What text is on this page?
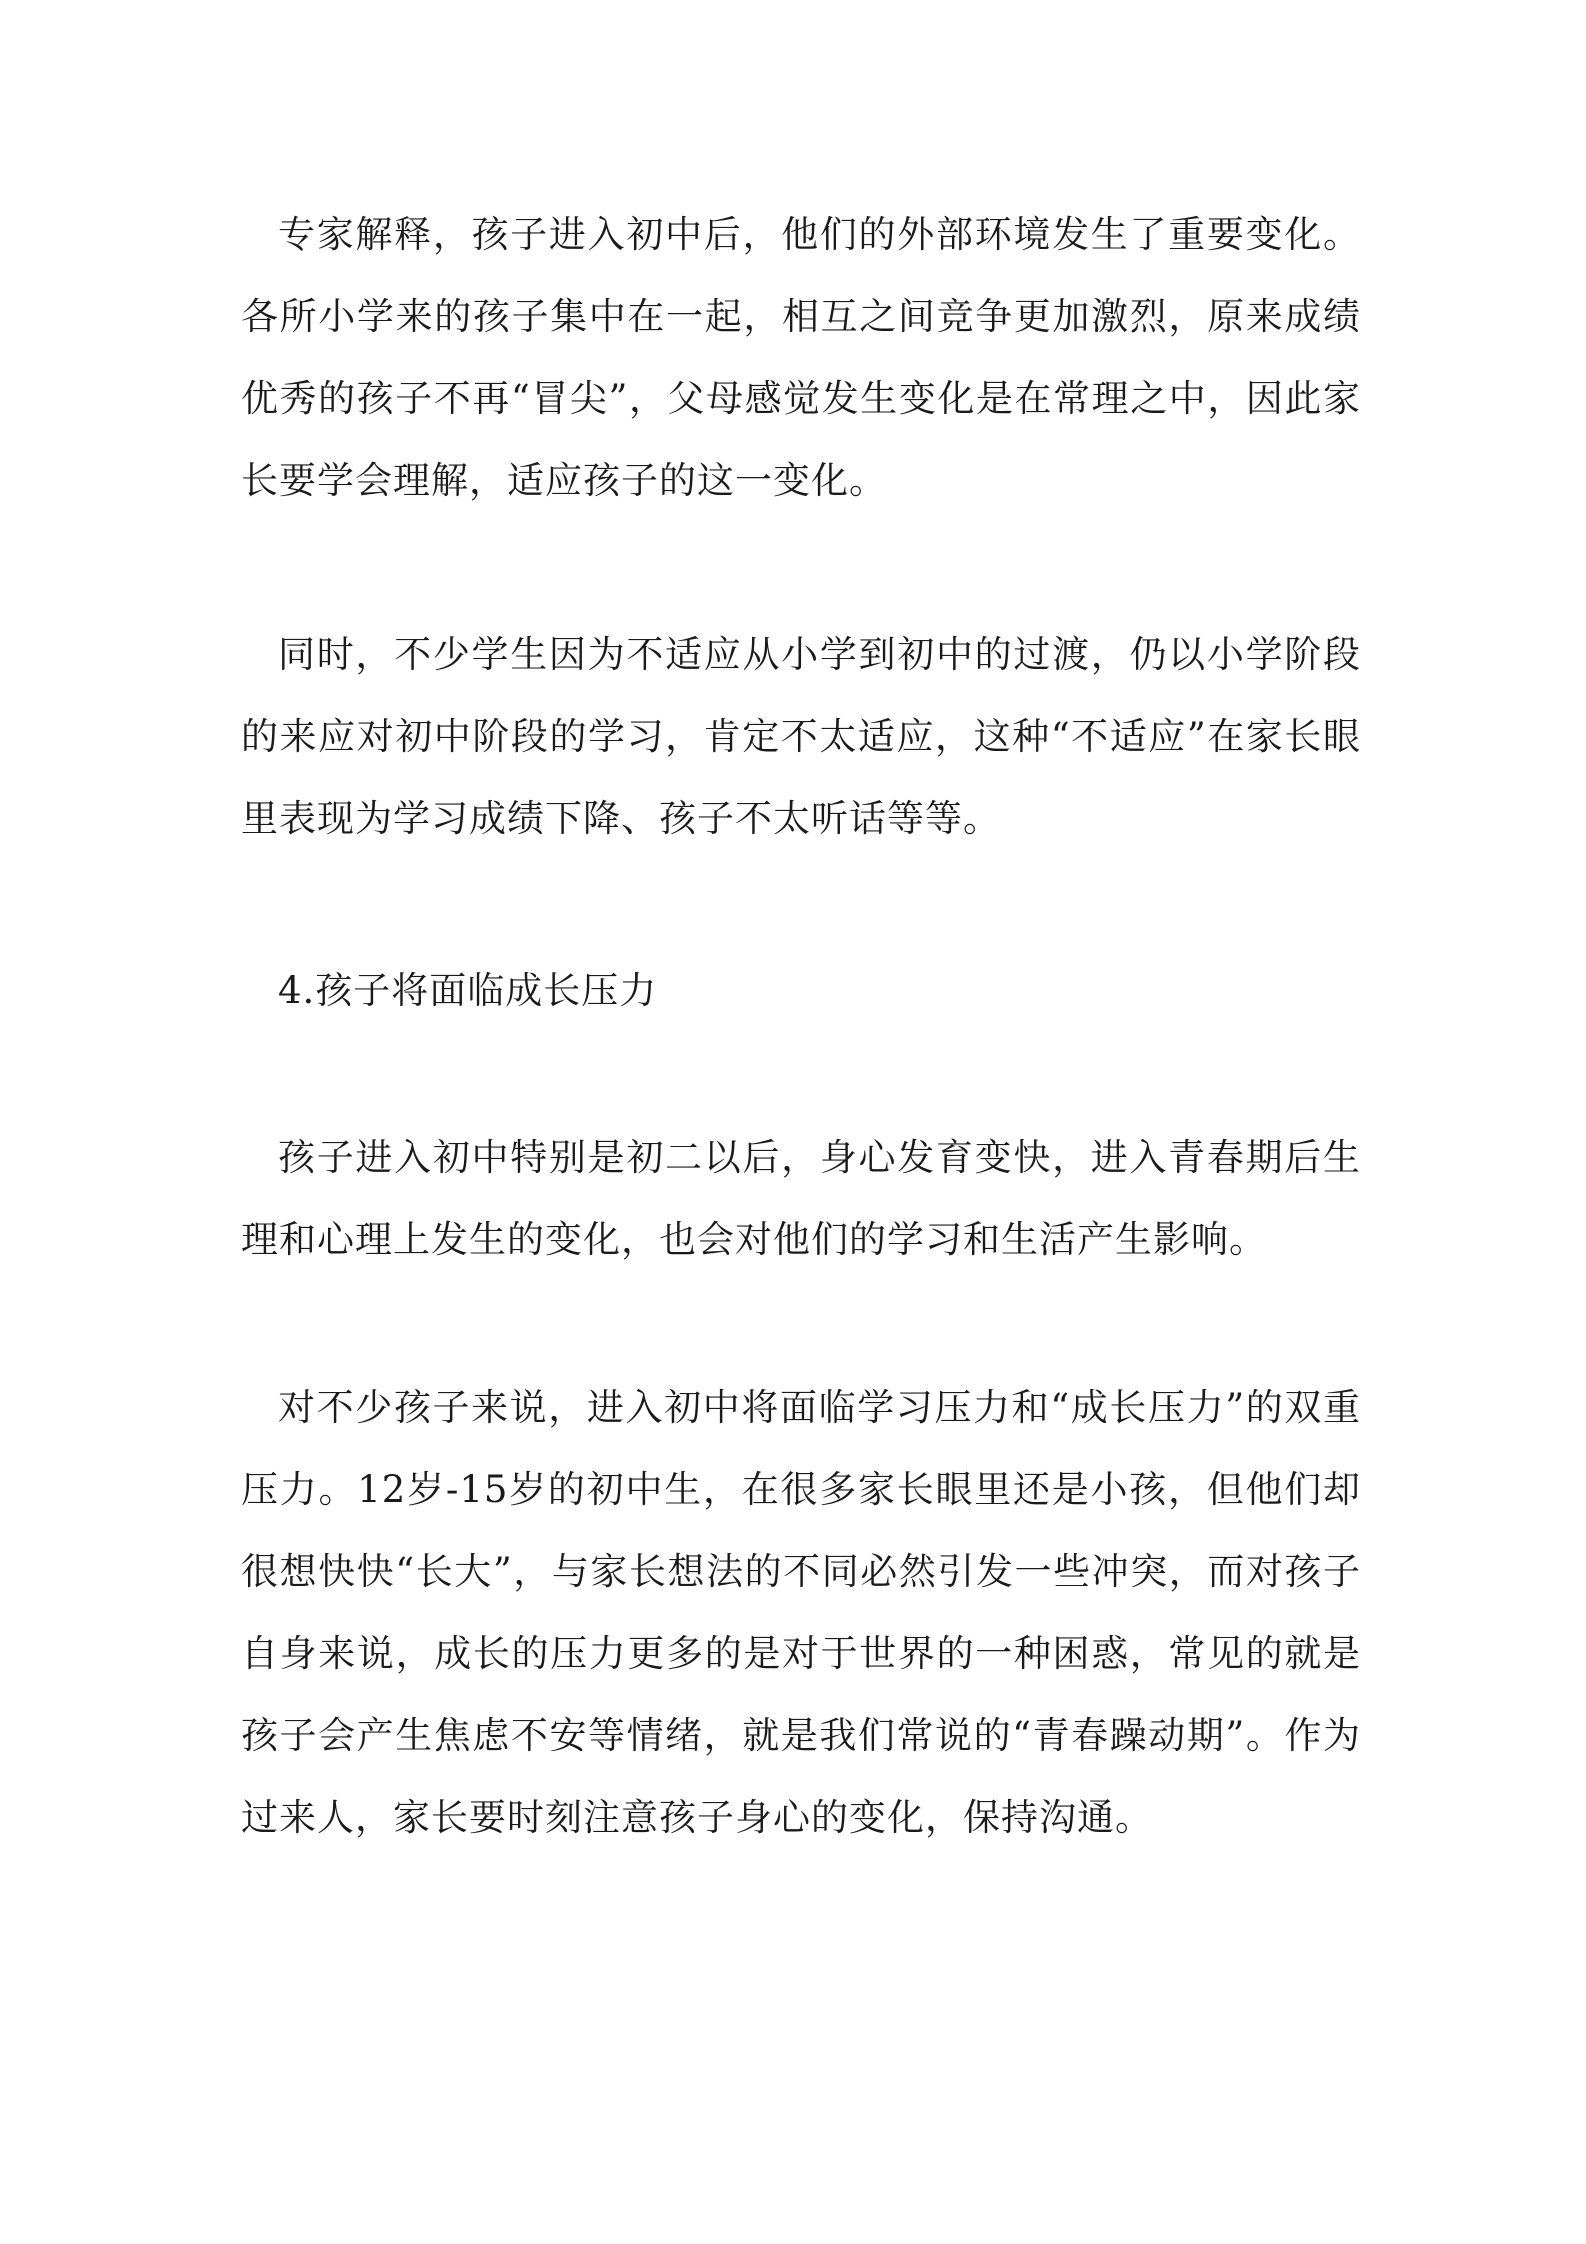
专家解释，孩子进入初中后，他们的外部环境发生了重要变化。各所小学来的孩子集中在一起，相互之间竞争更加激烈，原来成绩优秀的孩子不再“冒尖”，父母感觉发生变化是在常理之中，因此家长要学会理解，适应孩子的这一变化。

同时，不少学生因为不适应从小学到初中的过渡，仍以小学阶段的来应对初中阶段的学习，肯定不太适应，这种“不适应”在家长眼里表现为学习成绩下降、孩子不太听话等等。

4.孩子将面临成长压力

孩子进入初中特别是初二以后，身心发育变快，进入青春期后生理和心理上发生的变化，也会对他们的学习和生活产生影响。

对不少孩子来说，进入初中将面临学习压力和“成长压力”的双重压力。12岁-15岁的初中生，在很多家长眼里还是小孩，但他们却很想快快“长大”，与家长想法的不同必然引发一些冲突，而对孩子自身来说，成长的压力更多的是对于世界的一种困惑，常见的就是孩子会产生焦虑不安等情绪，就是我们常说的“青春躁动期”。作为过来人，家长要时刻注意孩子身心的变化，保持沟通。
